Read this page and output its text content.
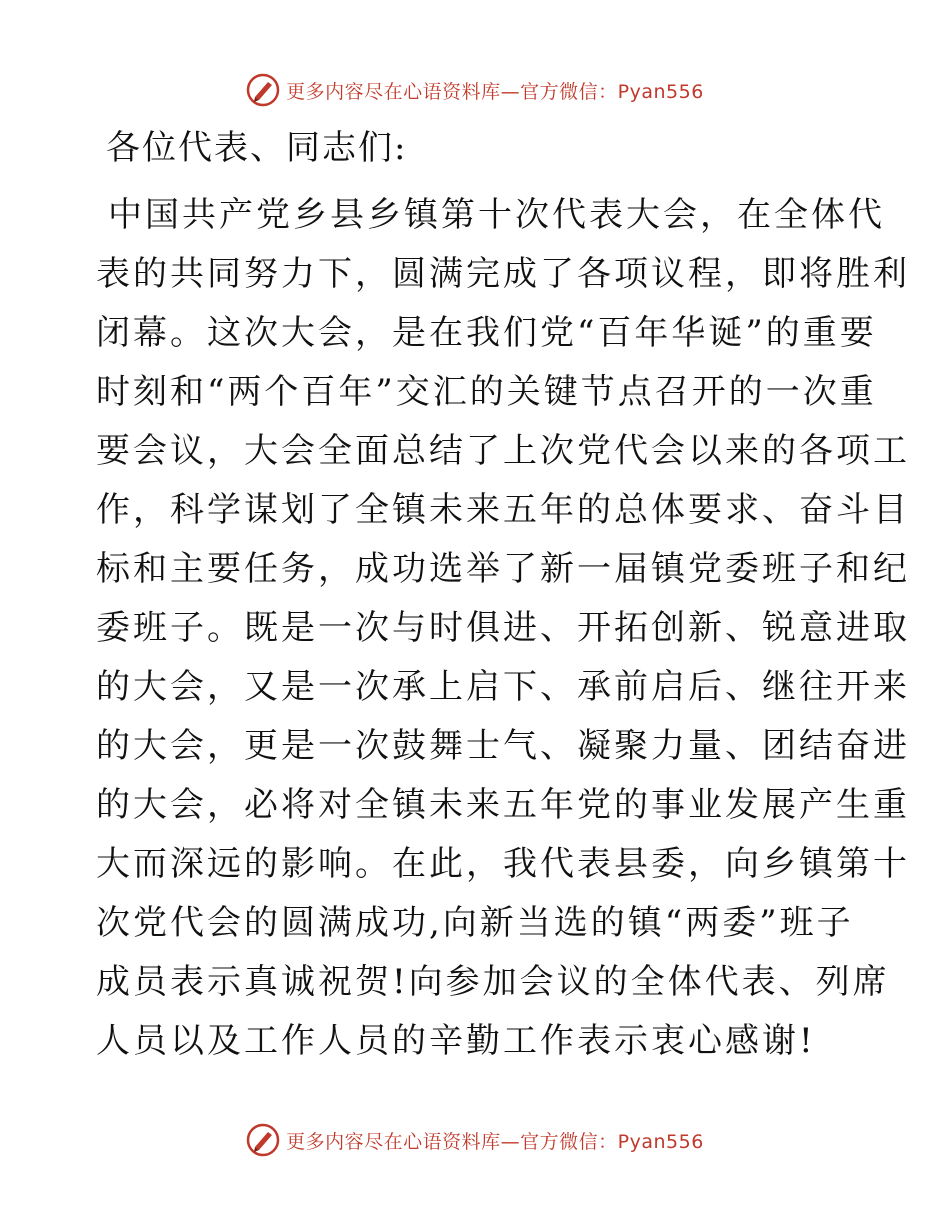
更多内容尽在心语资料库—官方微信：Pyan556

各位代表、同志们:

中国共产党乡县乡镇第十次代表大会，在全体代

表的共同努力下，圆满完成了各项议程，即将胜利

闭幕。这次大会，是在我们党“百年华诞”的重要

时刻和“两个百年”交汇的关键节点召开的一次重

要会议，大会全面总结了上次党代会以来的各项工

作，科学谋划了全镇未来五年的总体要求、奋斗目

标和主要任务，成功选举了新一届镇党委班子和纪

委班子。既是一次与时俱进、开拓创新、锐意进取

的大会，又是一次承上启下、承前启后、继往开来

的大会，更是一次鼓舞士气、凝聚力量、团结奋进

的大会，必将对全镇未来五年党的事业发展产生重

大而深远的影响。在此，我代表县委，向乡镇第十

次党代会的圆满成功,向新当选的镇“两委”班子

成员表示真诚祝贺!向参加会议的全体代表、列席

人员以及工作人员的辛勤工作表示衷心感谢!

更多内容尽在心语资料库—官方微信：Pyan556
